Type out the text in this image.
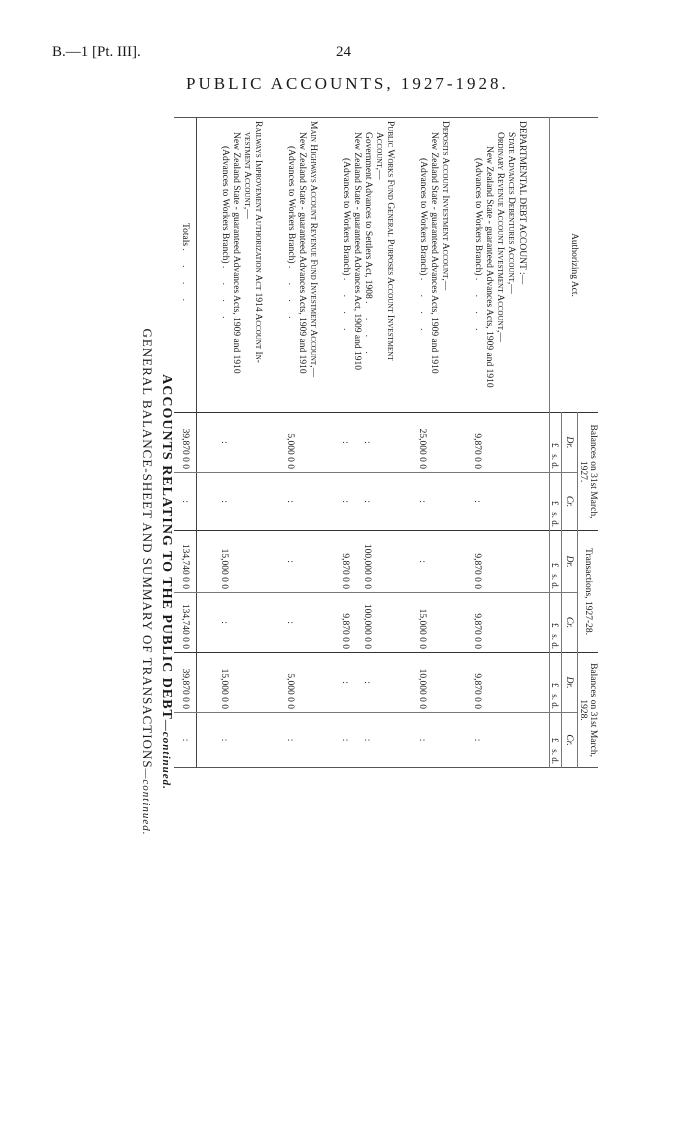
B.—1 [Pt. III].	24
PUBLIC ACCOUNTS, 1927-1928.
ACCOUNTS RELATING TO THE PUBLIC DEBT—continued.
GENERAL BALANCE-SHEET AND SUMMARY OF TRANSACTIONS—continued.
Authorizing Act.	Balances on 31st March, 1927.		Transactions, 1927-28.		Balances on 31st March, 1928.	
	Dr.	Cr.	Dr.	Cr.	Dr.	Cr.
	£   s. d.	£   s. d.	£   s. d.	£   s. d.	£   s. d.	£   s. d.

DEPARTMENTAL DEBT ACCOUNT :—						
State Advances Debentures Account,—						
Ordinary Revenue Account Investment Account,—						
New Zealand State - guaranteed Advances Acts, 1909 and 1910						
(Advances to Workers Branch) . . . .	9,870 0 0	:	9,870 0 0	9,870 0 0	9,870 0 0	:

Deposits Account Investment Account,—						
New Zealand State - guaranteed Advances Acts, 1909 and 1910						
(Advances to Workers Branch) . . . .	25,000 0 0	:	:	15,000 0 0	10,000 0 0	:

Public Works Fund General Purposes Account Investment						
Account,—						
Government Advances to Settlers Act, 1908 . . . .	:	:	100,000 0 0	100,000 0 0	:	:
New Zealand State - guaranteed Advances Act, 1909 and 1910						
(Advances to Workers Branch) . . . .	:	:	9,870 0 0	9,870 0 0	:	:

Main Highways Account Revenue Fund Investment Account,—						
New Zealand State - guaranteed Advances Acts, 1909 and 1910						
(Advances to Workers Branch) . . . .	5,000 0 0	:	:	:	5,000 0 0	:

Railways Improvement Authorization Act 1914 Account In-						
vestment Account,—						
New Zealand State - guaranteed Advances Acts, 1909 and 1910						
(Advances to Workers Branch) . . . .	:	:	15,000 0 0	:	15,000 0 0	:

Totals . . . .	39,870 0 0	:	134,740 0 0	134,740 0 0	39,870 0 0	:
